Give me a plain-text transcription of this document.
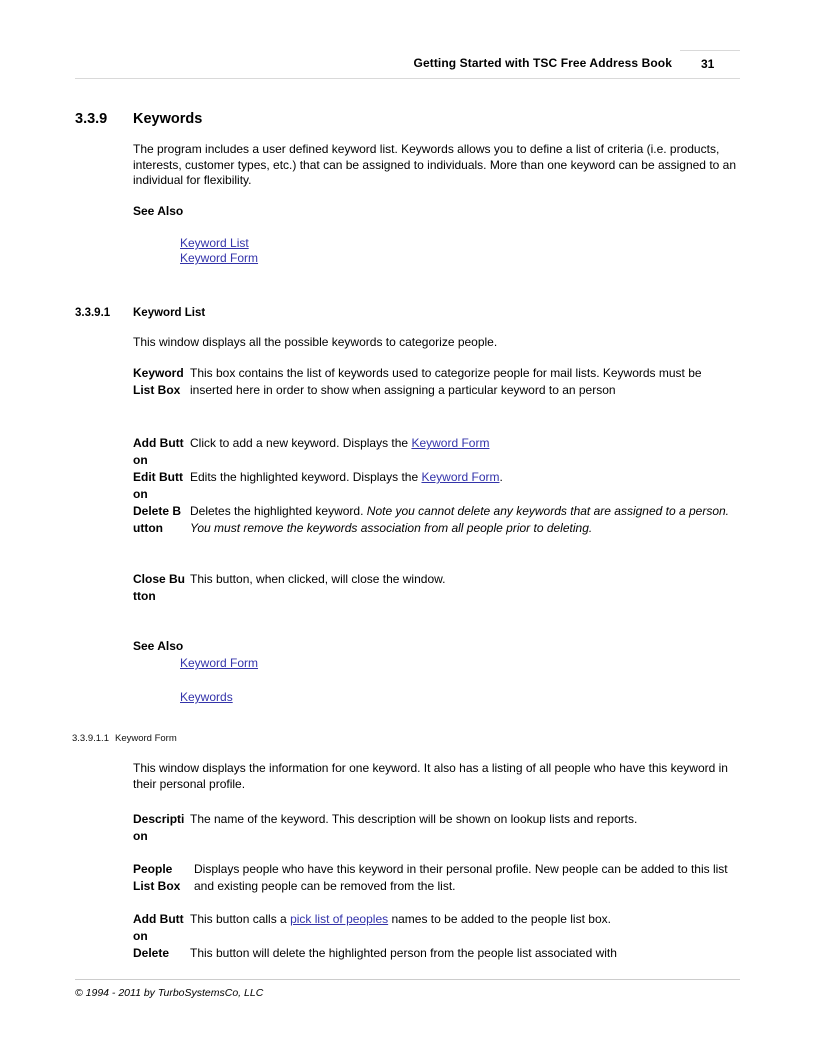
Getting Started with TSC Free Address Book 31
3.3.9 Keywords
The program includes a user defined keyword list. Keywords allows you to define a list of criteria (i.e. products, interests, customer types, etc.) that can be assigned to individuals. More than one keyword can be assigned to an individual for flexibility.
See Also
Keyword List
Keyword Form
3.3.9.1 Keyword List
This window displays all the possible keywords to categorize people.
Keyword List Box
This box contains the list of keywords used to categorize people for mail lists. Keywords must be inserted here in order to show when assigning a particular keyword to an person
Add Button
Click to add a new keyword. Displays the Keyword Form
Edit Button
Edits the highlighted keyword. Displays the Keyword Form.
Delete Button
Deletes the highlighted keyword. Note you cannot delete any keywords that are assigned to a person. You must remove the keywords association from all people prior to deleting.
Close Button
This button, when clicked, will close the window.
See Also
Keyword Form
Keywords
3.3.9.1.1 Keyword Form
This window displays the information for one keyword. It also has a listing of all people who have this keyword in their personal profile.
Description
The name of the keyword. This description will be shown on lookup lists and reports.
People List Box
Displays people who have this keyword in their personal profile. New people can be added to this list and existing people can be removed from the list.
Add Button
This button calls a pick list of peoples names to be added to the people list box.
Delete	This button will delete the highlighted person from the people list associated with
© 1994 - 2011 by TurboSystemsCo, LLC
